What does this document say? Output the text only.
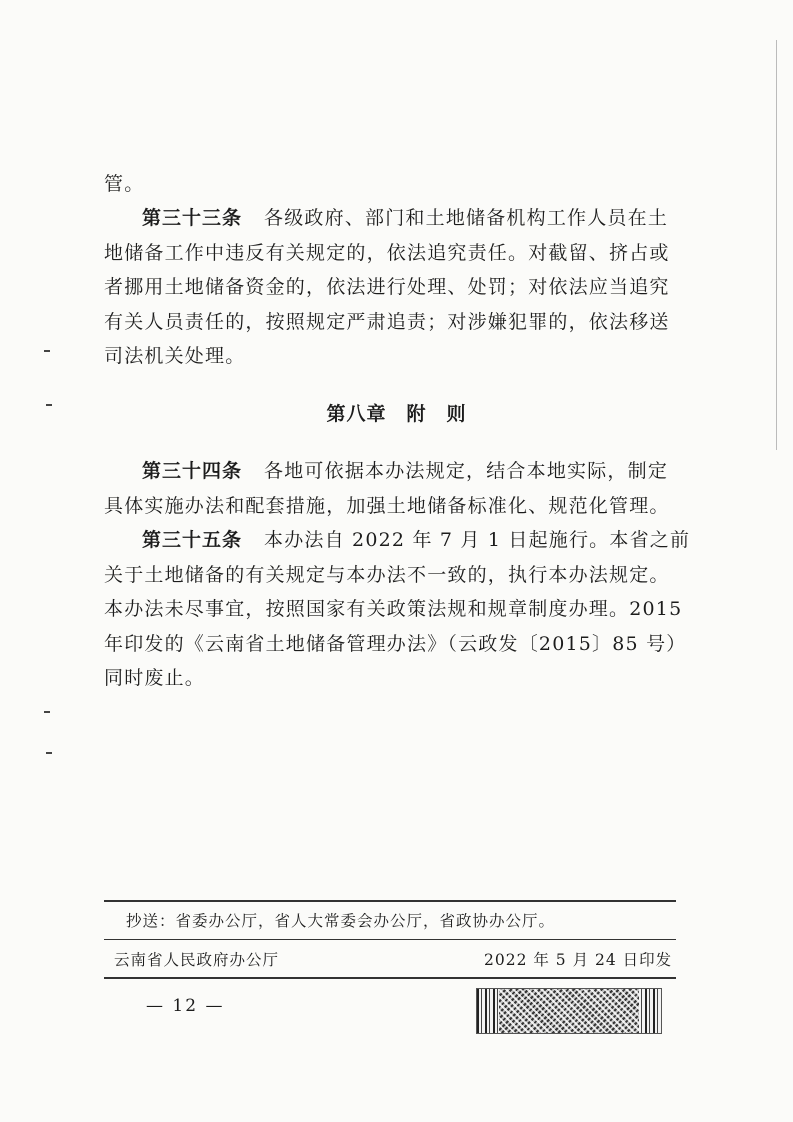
管。
第三十三条 各级政府、部门和土地储备机构工作人员在土
地储备工作中违反有关规定的，依法追究责任。对截留、挤占或
者挪用土地储备资金的，依法进行处理、处罚；对依法应当追究
有关人员责任的，按照规定严肃追责；对涉嫌犯罪的，依法移送
司法机关处理。
第八章　附　则
第三十四条 各地可依据本办法规定，结合本地实际，制定
具体实施办法和配套措施，加强土地储备标准化、规范化管理。
第三十五条 本办法自 2022 年 7 月 1 日起施行。本省之前
关于土地储备的有关规定与本办法不一致的，执行本办法规定。
本办法未尽事宜，按照国家有关政策法规和规章制度办理。2015
年印发的《云南省土地储备管理办法》（云政发〔2015〕85 号）
同时废止。
抄送：省委办公厅，省人大常委会办公厅，省政协办公厅。
云南省人民政府办公厅	2022 年 5 月 24 日印发
— 12 —
